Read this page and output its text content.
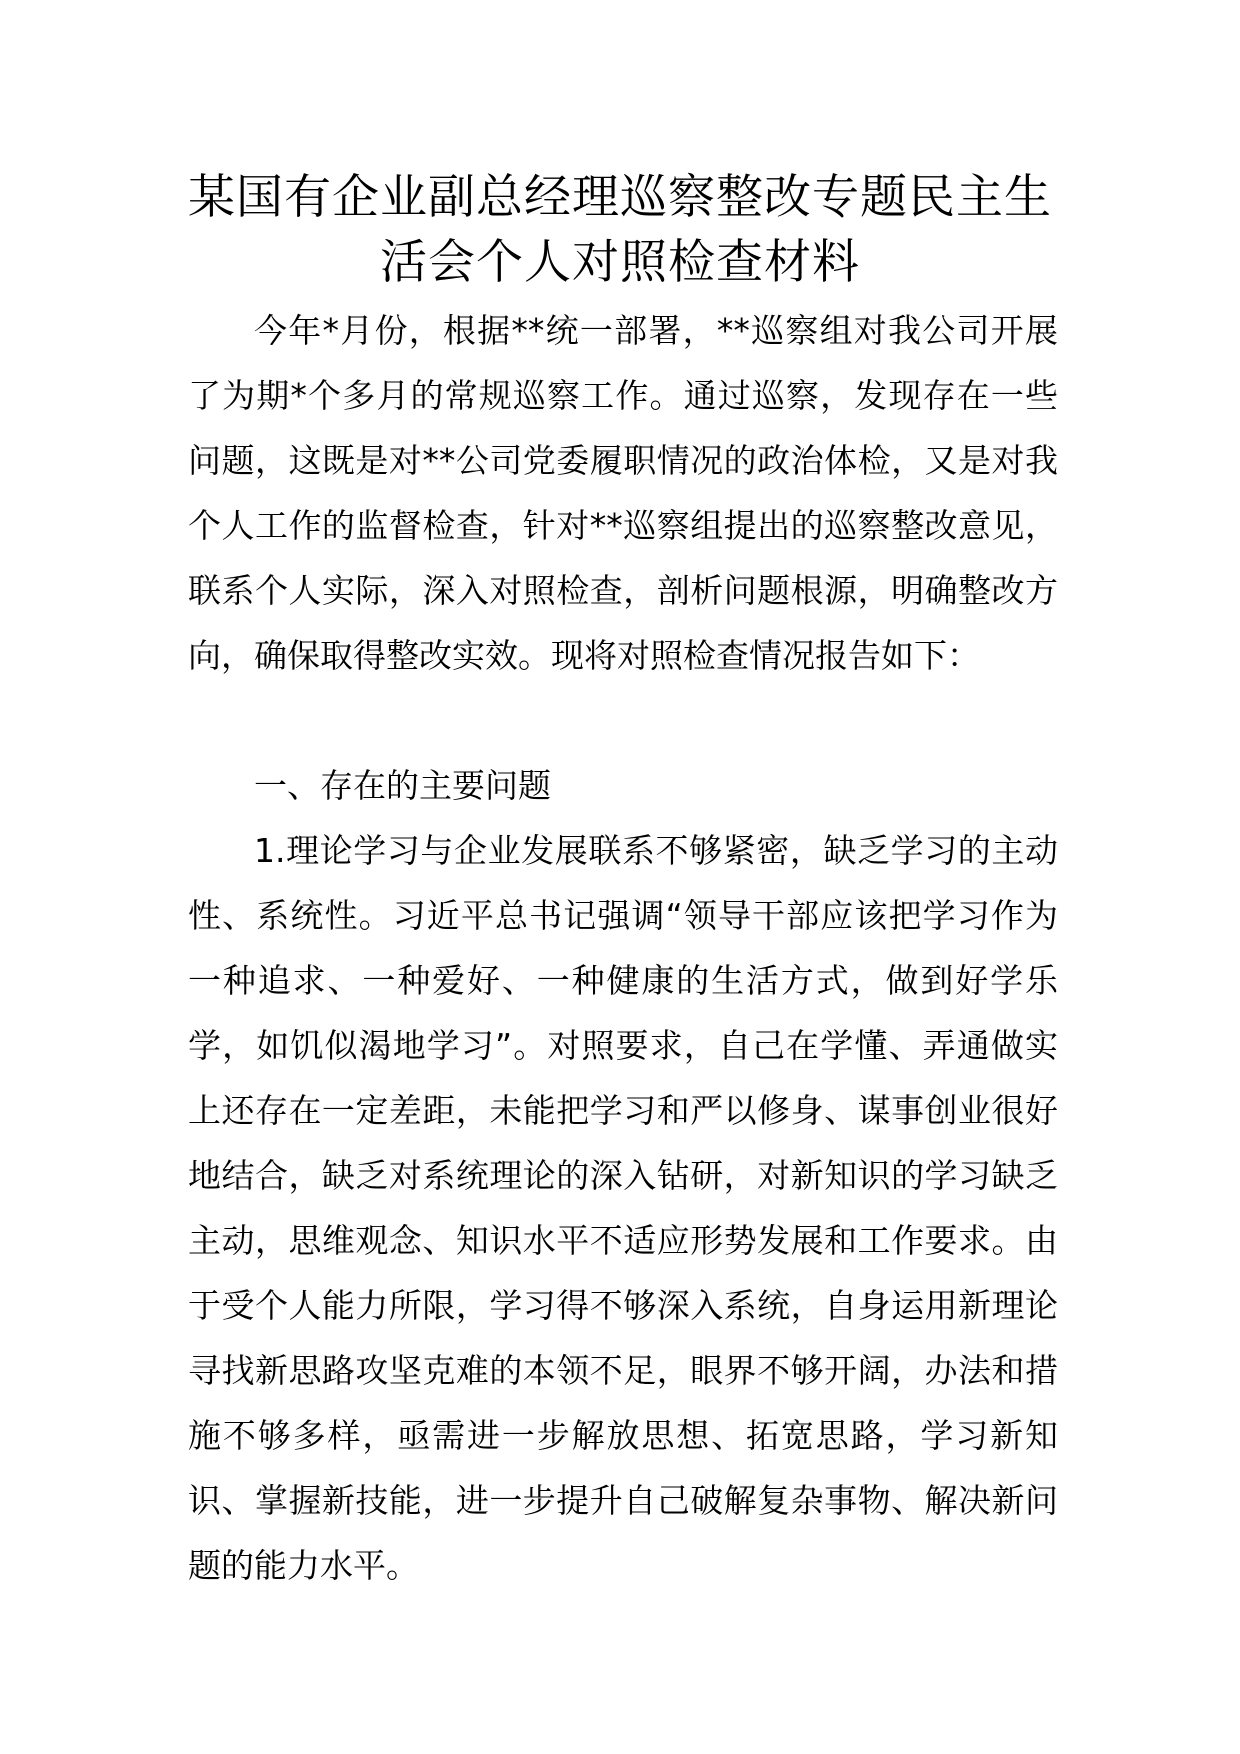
某国有企业副总经理巡察整改专题民主生
活会个人对照检查材料

今年*月份，根据**统一部署，**巡察组对我公司开展了为期*个多月的常规巡察工作。通过巡察，发现存在一些问题，这既是对**公司党委履职情况的政治体检，又是对我个人工作的监督检查，针对**巡察组提出的巡察整改意见，联系个人实际，深入对照检查，剖析问题根源，明确整改方向，确保取得整改实效。现将对照检查情况报告如下：

一、存在的主要问题

1.理论学习与企业发展联系不够紧密，缺乏学习的主动性、系统性。习近平总书记强调“领导干部应该把学习作为一种追求、一种爱好、一种健康的生活方式，做到好学乐学，如饥似渴地学习”。对照要求，自己在学懂、弄通做实上还存在一定差距，未能把学习和严以修身、谋事创业很好地结合，缺乏对系统理论的深入钻研，对新知识的学习缺乏主动，思维观念、知识水平不适应形势发展和工作要求。由于受个人能力所限，学习得不够深入系统，自身运用新理论寻找新思路攻坚克难的本领不足，眼界不够开阔，办法和措施不够多样，亟需进一步解放思想、拓宽思路，学习新知识、掌握新技能，进一步提升自己破解复杂事物、解决新问题的能力水平。
